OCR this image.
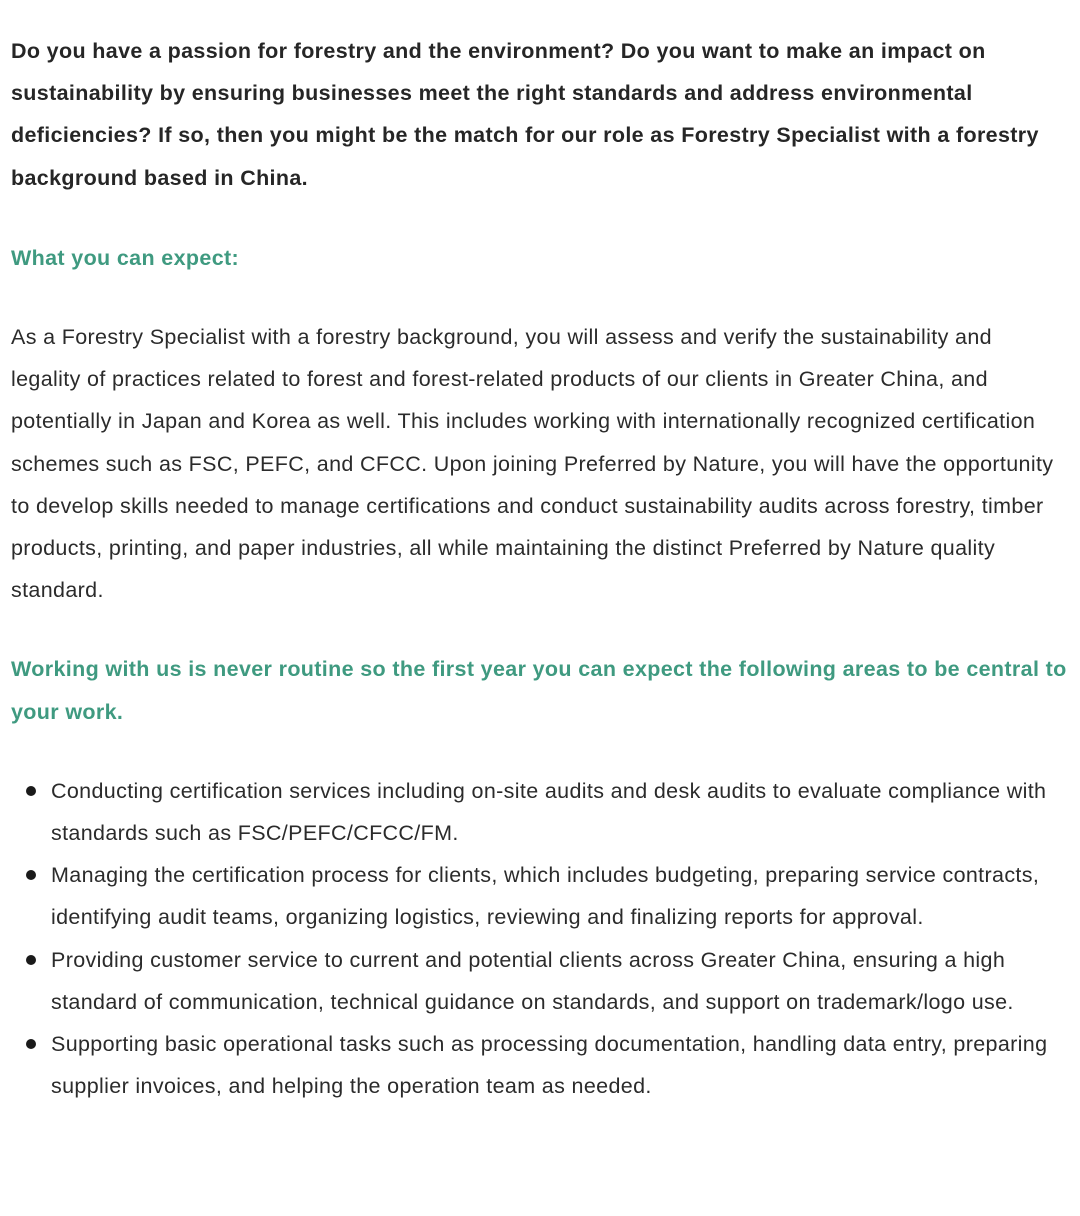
Do you have a passion for forestry and the environment? Do you want to make an impact on sustainability by ensuring businesses meet the right standards and address environmental deficiencies? If so, then you might be the match for our role as Forestry Specialist with a forestry background based in China.

What you can expect:

As a Forestry Specialist with a forestry background, you will assess and verify the sustainability and legality of practices related to forest and forest-related products of our clients in Greater China, and potentially in Japan and Korea as well. This includes working with internationally recognized certification schemes such as FSC, PEFC, and CFCC. Upon joining Preferred by Nature, you will have the opportunity to develop skills needed to manage certifications and conduct sustainability audits across forestry, timber products, printing, and paper industries, all while maintaining the distinct Preferred by Nature quality standard.

Working with us is never routine so the first year you can expect the following areas to be central to your work.

Conducting certification services including on-site audits and desk audits to evaluate compliance with standards such as FSC/PEFC/CFCC/FM.
Managing the certification process for clients, which includes budgeting, preparing service contracts, identifying audit teams, organizing logistics, reviewing and finalizing reports for approval.
Providing customer service to current and potential clients across Greater China, ensuring a high standard of communication, technical guidance on standards, and support on trademark/logo use.
Supporting basic operational tasks such as processing documentation, handling data entry, preparing supplier invoices, and helping the operation team as needed.
